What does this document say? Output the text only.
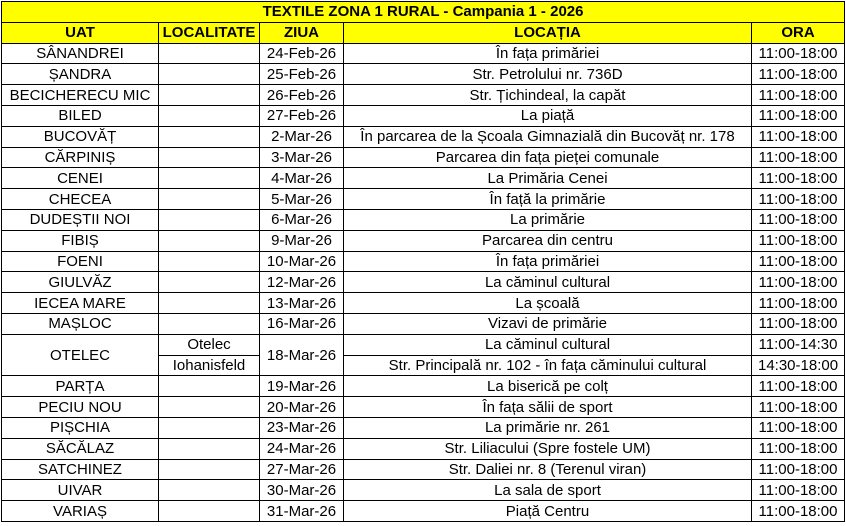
TEXTILE ZONA 1 RURAL - Campania 1 - 2026				
UAT	LOCALITATE	ZIUA	LOCAȚIA	ORA
SÂNANDREI		24-Feb-26	În fața primăriei	11:00-18:00
ȘANDRA		25-Feb-26	Str. Petrolului nr. 736D	11:00-18:00
BECICHERECU MIC		26-Feb-26	Str. Țichindeal, la capăt	11:00-18:00
BILED		27-Feb-26	La piață	11:00-18:00
BUCOVĂȚ		2-Mar-26	În parcarea de la Școala Gimnazială din Bucovăț nr. 178	11:00-18:00
CĂRPINIȘ		3-Mar-26	Parcarea din fața pieței comunale	11:00-18:00
CENEI		4-Mar-26	La Primăria Cenei	11:00-18:00
CHECEA		5-Mar-26	În față la primărie	11:00-18:00
DUDEȘTII NOI		6-Mar-26	La primărie	11:00-18:00
FIBIȘ		9-Mar-26	Parcarea din centru	11:00-18:00
FOENI		10-Mar-26	În fața primăriei	11:00-18:00
GIULVĂZ		12-Mar-26	La căminul cultural	11:00-18:00
IECEA MARE		13-Mar-26	La școală	11:00-18:00
MAȘLOC		16-Mar-26	Vizavi de primărie	11:00-18:00
OTELEC	Otelec	18-Mar-26	La căminul cultural	11:00-14:30
	Iohanisfeld		Str. Principală nr. 102 - în fața căminului cultural	14:30-18:00
PARȚA		19-Mar-26	La biserică pe colț	11:00-18:00
PECIU NOU		20-Mar-26	În fața sălii de sport	11:00-18:00
PIȘCHIA		23-Mar-26	La primărie nr. 261	11:00-18:00
SĂCĂLAZ		24-Mar-26	Str. Liliacului (Spre fostele UM)	11:00-18:00
SATCHINEZ		27-Mar-26	Str. Daliei nr. 8 (Terenul viran)	11:00-18:00
UIVAR		30-Mar-26	La sala de sport	11:00-18:00
VARIAȘ		31-Mar-26	Piață Centru	11:00-18:00
